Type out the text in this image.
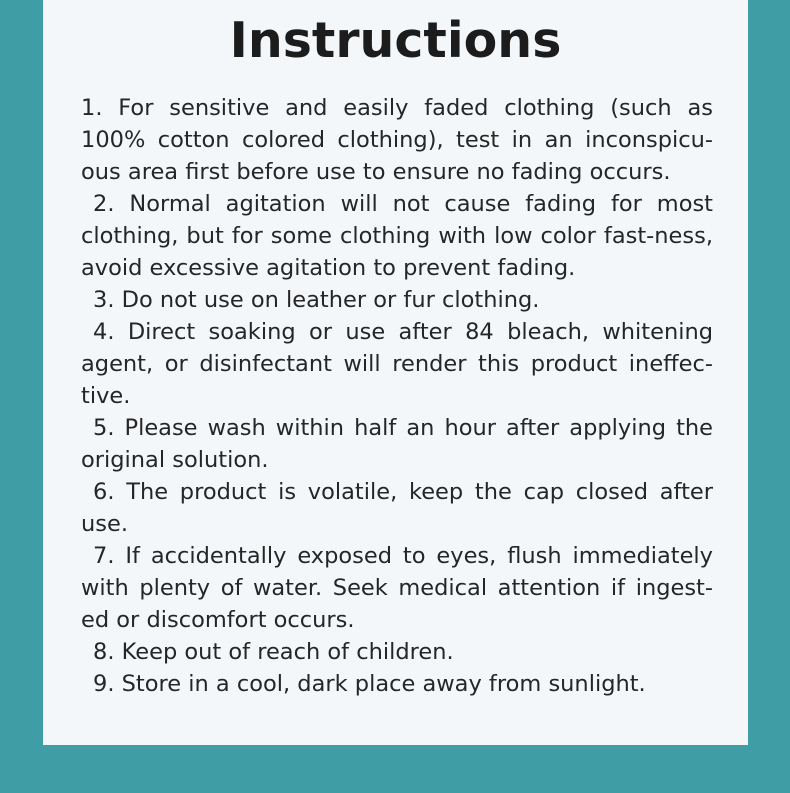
Instructions
1. For sensitive and easily faded clothing (such as 100% cotton colored clothing), test in an inconspicu-ous area first before use to ensure no fading occurs.
2. Normal agitation will not cause fading for most clothing, but for some clothing with low color fast-ness, avoid excessive agitation to prevent fading.
3. Do not use on leather or fur clothing.
4. Direct soaking or use after 84 bleach, whitening agent, or disinfectant will render this product ineffec-tive.
5. Please wash within half an hour after applying the original solution.
6. The product is volatile, keep the cap closed after use.
7. If accidentally exposed to eyes, flush immediately with plenty of water. Seek medical attention if ingest-ed or discomfort occurs.
8. Keep out of reach of children.
9. Store in a cool, dark place away from sunlight.
